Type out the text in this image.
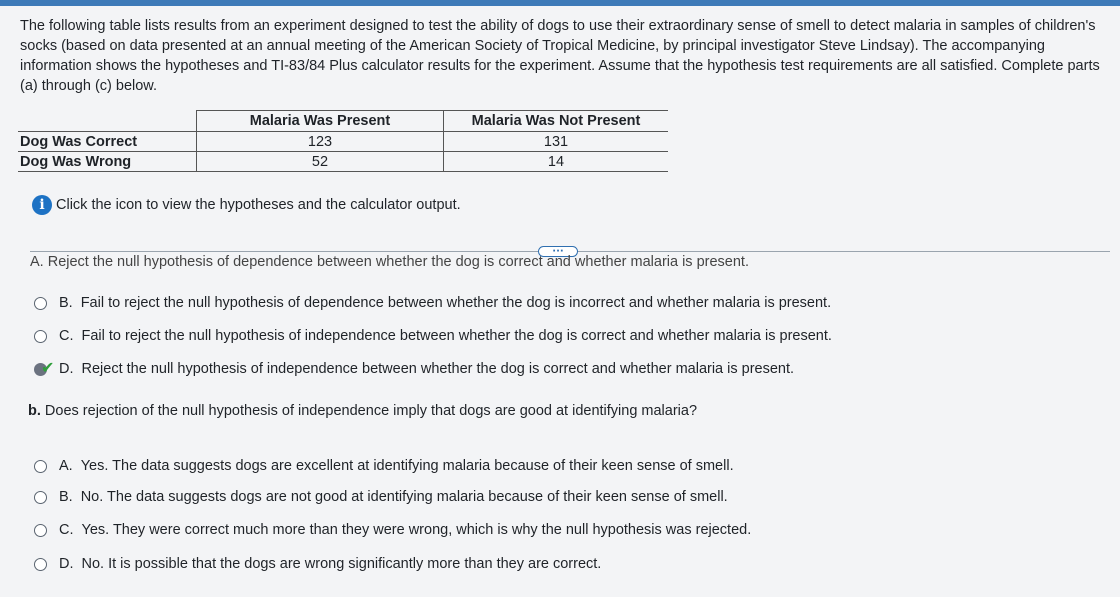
The following table lists results from an experiment designed to test the ability of dogs to use their extraordinary sense of smell to detect malaria in samples of children's socks (based on data presented at an annual meeting of the American Society of Tropical Medicine, by principal investigator Steve Lindsay). The accompanying information shows the hypotheses and TI-83/84 Plus calculator results for the experiment. Assume that the hypothesis test requirements are all satisfied. Complete parts (a) through (c) below.

	Malaria Was Present	Malaria Was Not Present
Dog Was Correct	123	131
Dog Was Wrong	52	14
i Click the icon to view the hypotheses and the calculator output.
···
A. Reject the null hypothesis of dependence between whether the dog is correct and whether malaria is present.
B. Fail to reject the null hypothesis of dependence between whether the dog is incorrect and whether malaria is present.
C. Fail to reject the null hypothesis of independence between whether the dog is correct and whether malaria is present.
✔ D. Reject the null hypothesis of independence between whether the dog is correct and whether malaria is present.
b. Does rejection of the null hypothesis of independence imply that dogs are good at identifying malaria?
A. Yes. The data suggests dogs are excellent at identifying malaria because of their keen sense of smell.
B. No. The data suggests dogs are not good at identifying malaria because of their keen sense of smell.
C. Yes. They were correct much more than they were wrong, which is why the null hypothesis was rejected.
D. No. It is possible that the dogs are wrong significantly more than they are correct.
